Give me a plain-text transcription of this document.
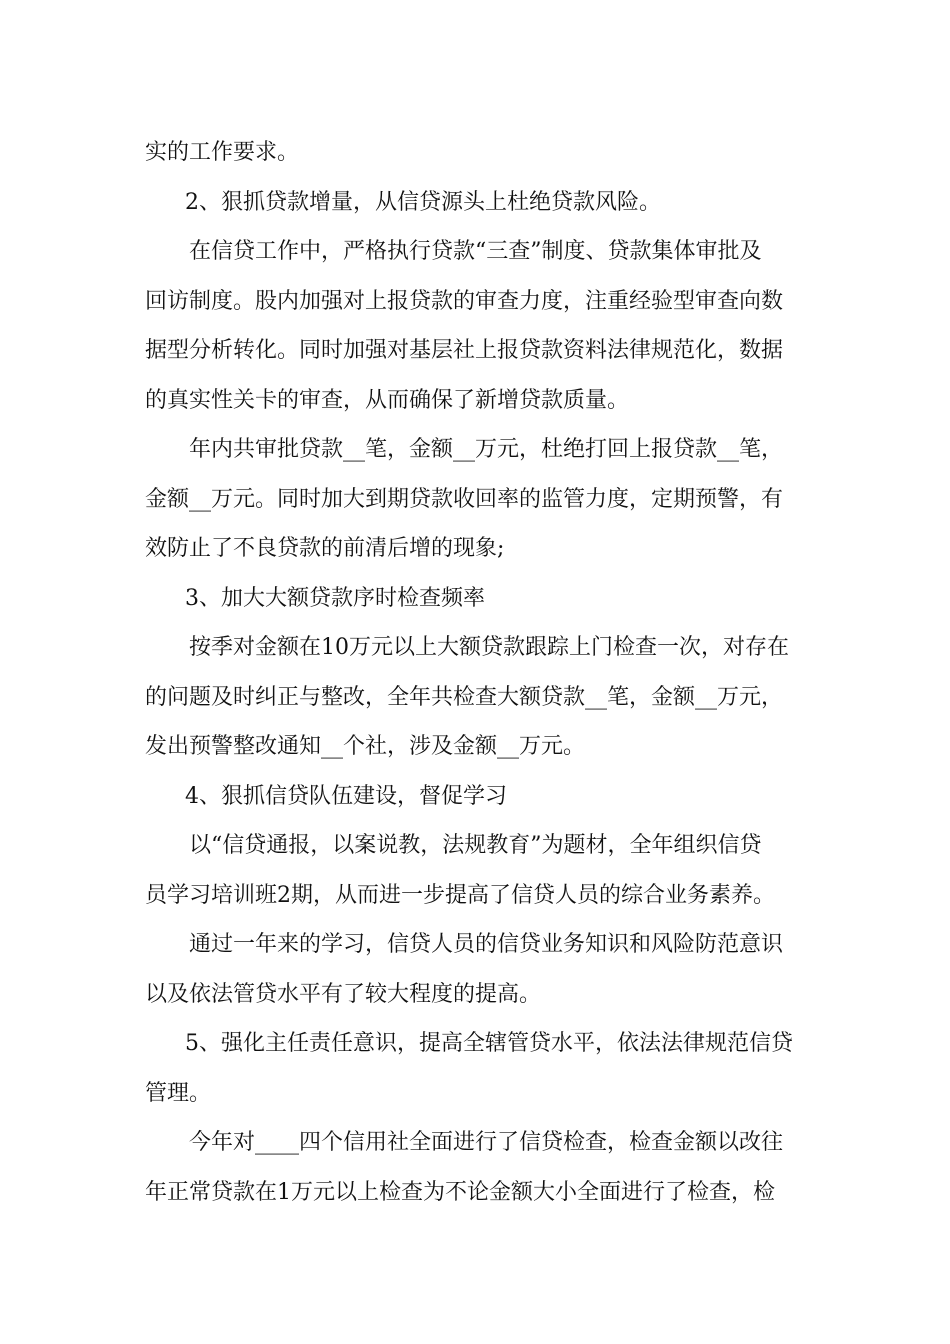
实的工作要求。
2、狠抓贷款增量，从信贷源头上杜绝贷款风险。
在信贷工作中，严格执行贷款“三查”制度、贷款集体审批及
回访制度。股内加强对上报贷款的审查力度，注重经验型审查向数
据型分析转化。同时加强对基层社上报贷款资料法律规范化，数据
的真实性关卡的审查，从而确保了新增贷款质量。
年内共审批贷款__笔，金额__万元，杜绝打回上报贷款__笔，
金额__万元。同时加大到期贷款收回率的监管力度，定期预警，有
效防止了不良贷款的前清后增的现象;
3、加大大额贷款序时检查频率
按季对金额在10万元以上大额贷款跟踪上门检查一次，对存在
的问题及时纠正与整改，全年共检查大额贷款__笔，金额__万元，
发出预警整改通知__个社，涉及金额__万元。
4、狠抓信贷队伍建设，督促学习
以“信贷通报，以案说教，法规教育”为题材，全年组织信贷
员学习培训班2期，从而进一步提高了信贷人员的综合业务素养。
通过一年来的学习，信贷人员的信贷业务知识和风险防范意识
以及依法管贷水平有了较大程度的提高。
5、强化主任责任意识，提高全辖管贷水平，依法法律规范信贷
管理。
今年对____四个信用社全面进行了信贷检查，检查金额以改往
年正常贷款在1万元以上检查为不论金额大小全面进行了检查，检
